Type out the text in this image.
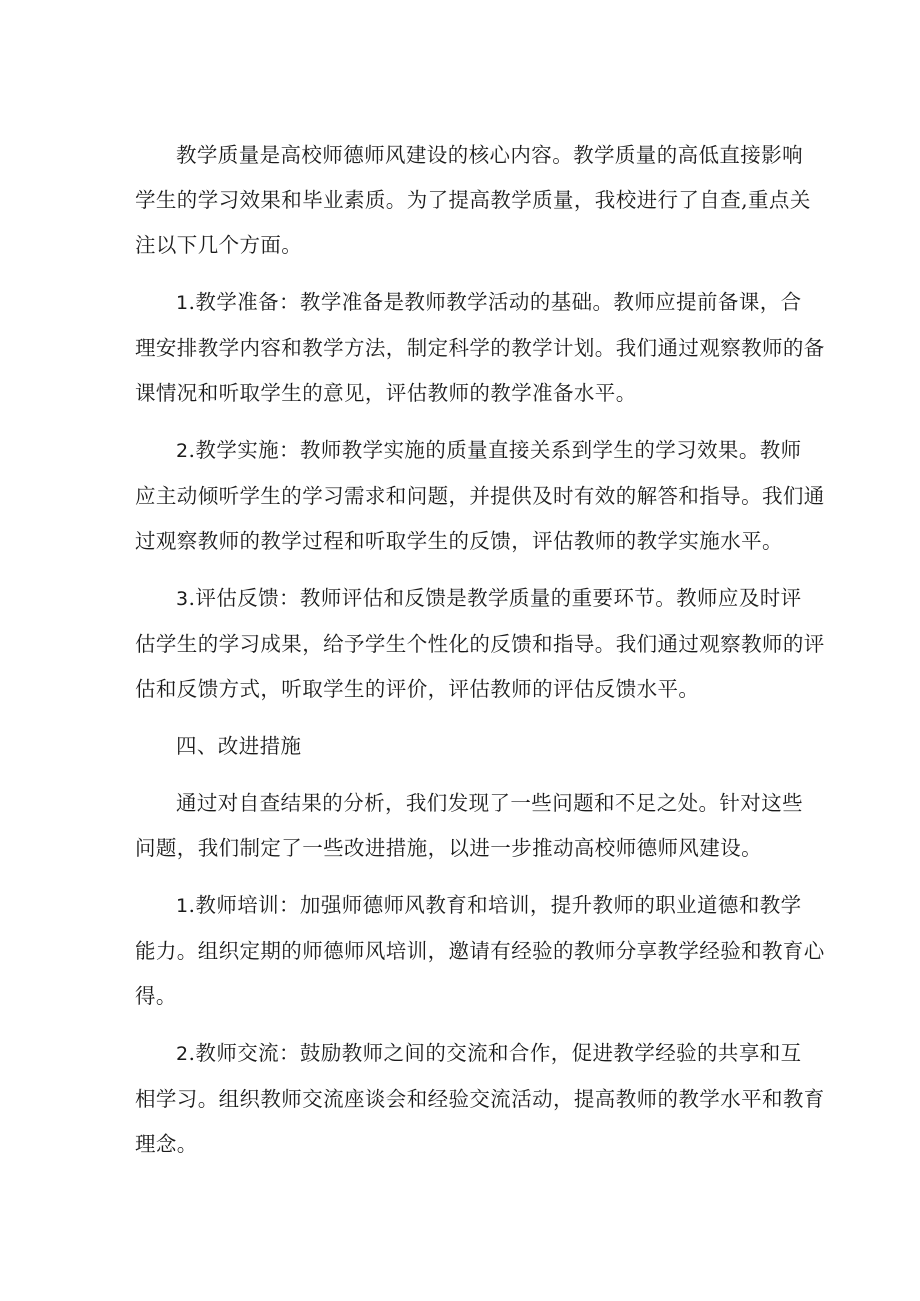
教学质量是高校师德师风建设的核心内容。教学质量的高低直接影响
学生的学习效果和毕业素质。为了提高教学质量，我校进行了自查,重点关
注以下几个方面。

1.教学准备：教学准备是教师教学活动的基础。教师应提前备课，合
理安排教学内容和教学方法，制定科学的教学计划。我们通过观察教师的备
课情况和听取学生的意见，评估教师的教学准备水平。

2.教学实施：教师教学实施的质量直接关系到学生的学习效果。教师
应主动倾听学生的学习需求和问题，并提供及时有效的解答和指导。我们通
过观察教师的教学过程和听取学生的反馈，评估教师的教学实施水平。

3.评估反馈：教师评估和反馈是教学质量的重要环节。教师应及时评
估学生的学习成果，给予学生个性化的反馈和指导。我们通过观察教师的评
估和反馈方式，听取学生的评价，评估教师的评估反馈水平。

四、改进措施

通过对自查结果的分析，我们发现了一些问题和不足之处。针对这些
问题，我们制定了一些改进措施，以进一步推动高校师德师风建设。

1.教师培训：加强师德师风教育和培训，提升教师的职业道德和教学
能力。组织定期的师德师风培训，邀请有经验的教师分享教学经验和教育心
得。

2.教师交流：鼓励教师之间的交流和合作，促进教学经验的共享和互
相学习。组织教师交流座谈会和经验交流活动，提高教师的教学水平和教育
理念。
